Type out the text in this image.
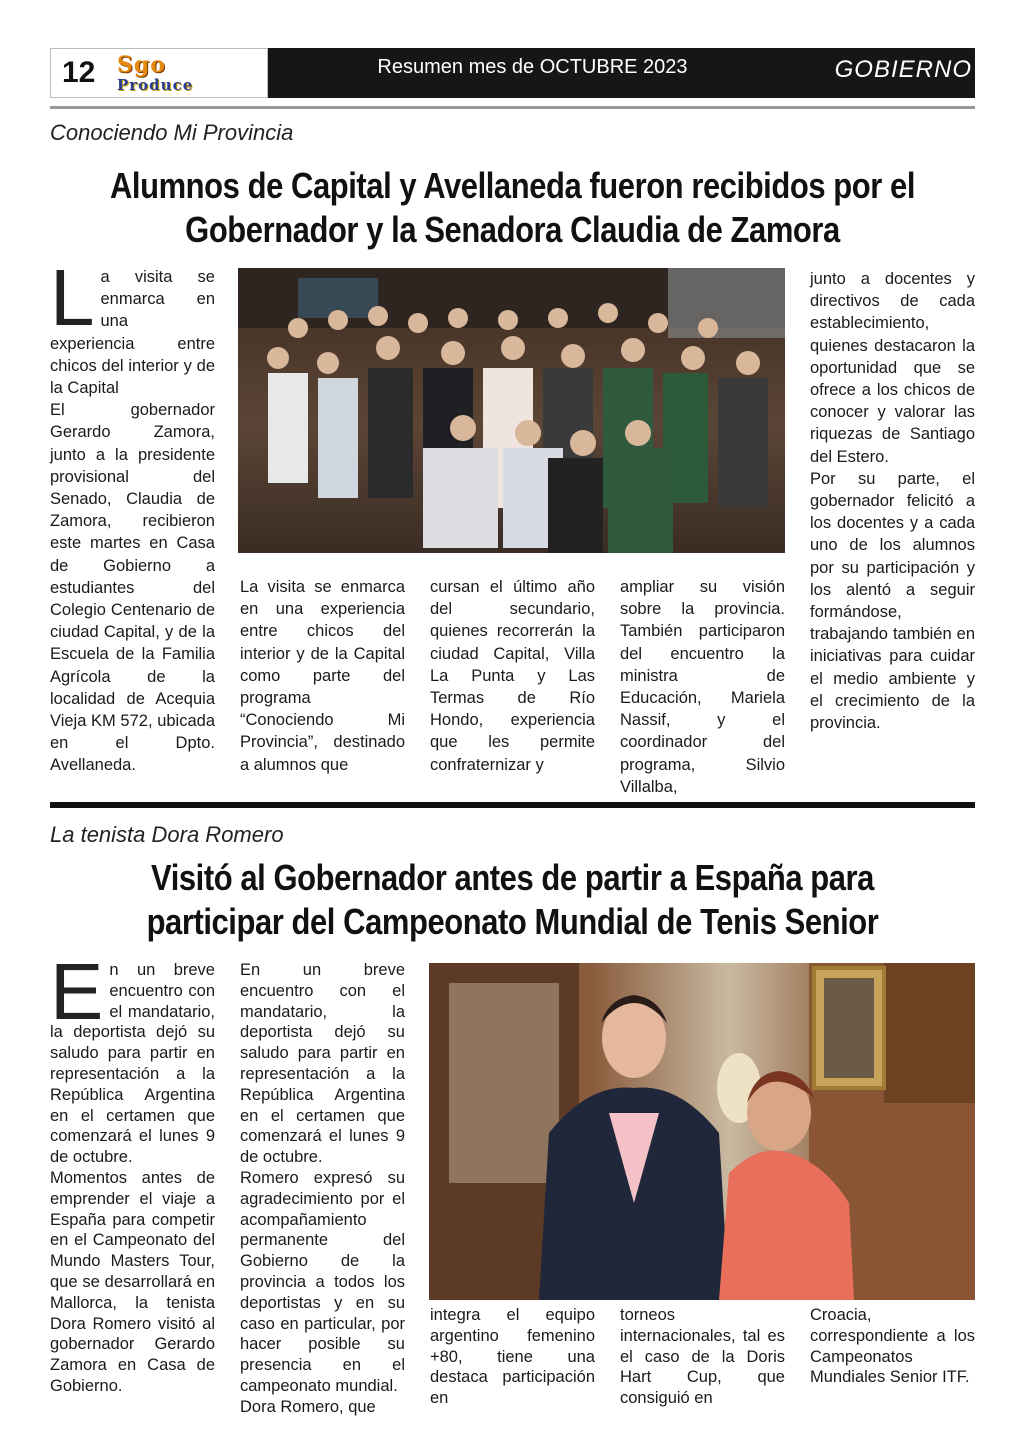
12 Sgo
Produce
Resumen mes de OCTUBRE 2023	GOBIERNO
Conociendo Mi Provincia
Alumnos de Capital y Avellaneda fueron recibidos por el
Gobernador y la Senadora Claudia de Zamora
L a visita se enmarca en una experiencia entre chicos del interior y de la Capital

El gobernador Gerardo Zamora, junto a la presidente provisional del Senado, Claudia de Zamora, recibieron este martes en Casa de Gobierno a estudiantes del Colegio Centenario de ciudad Capital, y de la Escuela de la Familia Agrícola de la localidad de Acequia Vieja KM 572, ubicada en el Dpto. Avellaneda.

La visita se enmarca en una experiencia entre chicos del interior y de la Capital como parte del programa “Conociendo Mi Provincia”, destinado a alumnos que
cursan el último año del secundario, quienes recorrerán la ciudad Capital, Villa La Punta y Las Termas de Río Hondo, experiencia que les permite confraternizar y
ampliar su visión sobre la provincia. También participaron del encuentro la ministra de Educación, Mariela Nassif, y el coordinador del programa, Silvio Villalba,

junto a docentes y directivos de cada establecimiento, quienes destacaron la oportunidad que se ofrece a los chicos de conocer y valorar las riquezas de Santiago del Estero.

Por su parte, el gobernador felicitó a los docentes y a cada uno de los alumnos por su participación y los alentó a seguir formándose, trabajando también en iniciativas para cuidar el medio ambiente y el crecimiento de la provincia.

La tenista Dora Romero
Visitó al Gobernador antes de partir a España para
participar del Campeonato Mundial de Tenis Senior
E n un breve encuentro con el mandatario, la deportista dejó su saludo para partir en representación a la República Argentina en el certamen que comenzará el lunes 9 de octubre.

Momentos antes de emprender el viaje a España para competir en el Campeonato del Mundo Masters Tour, que se desarrollará en Mallorca, la tenista Dora Romero visitó al gobernador Gerardo Zamora en Casa de Gobierno.

En un breve encuentro con el mandatario, la deportista dejó su saludo para partir en representación a la República Argentina en el certamen que comenzará el lunes 9 de octubre.

Romero expresó su agradecimiento por el acompañamiento permanente del Gobierno de la provincia a todos los deportistas y en su caso en particular, por hacer posible su presencia en el campeonato mundial.

Dora Romero, que

integra el equipo argentino femenino +80, tiene una destaca participación en
torneos internacionales, tal es el caso de la Doris Hart Cup, que consiguió en
Croacia, correspondiente a los Campeonatos Mundiales Senior ITF.
